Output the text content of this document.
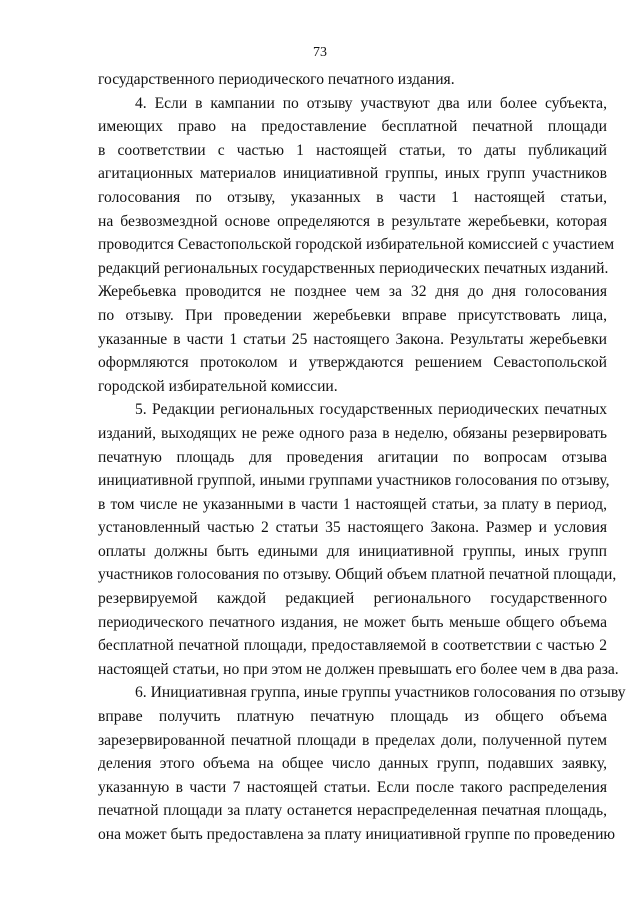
73
государственного периодического печатного издания.
4. Если в кампании по отзыву участвуют два или более субъекта,
имеющих право на предоставление бесплатной печатной площади
в соответствии с частью 1 настоящей статьи, то даты публикаций
агитационных материалов инициативной группы, иных групп участников
голосования по отзыву, указанных в части 1 настоящей статьи,
на безвозмездной основе определяются в результате жеребьевки, которая
проводится Севастопольской городской избирательной комиссией с участием
редакций региональных государственных периодических печатных изданий.
Жеребьевка проводится не позднее чем за 32 дня до дня голосования
по отзыву. При проведении жеребьевки вправе присутствовать лица,
указанные в части 1 статьи 25 настоящего Закона. Результаты жеребьевки
оформляются протоколом и утверждаются решением Севастопольской
городской избирательной комиссии.
5. Редакции региональных государственных периодических печатных
изданий, выходящих не реже одного раза в неделю, обязаны резервировать
печатную площадь для проведения агитации по вопросам отзыва
инициативной группой, иными группами участников голосования по отзыву,
в том числе не указанными в части 1 настоящей статьи, за плату в период,
установленный частью 2 статьи 35 настоящего Закона. Размер и условия
оплаты должны быть едиными для инициативной группы, иных групп
участников голосования по отзыву. Общий объем платной печатной площади,
резервируемой каждой редакцией регионального государственного
периодического печатного издания, не может быть меньше общего объема
бесплатной печатной площади, предоставляемой в соответствии с частью 2
настоящей статьи, но при этом не должен превышать его более чем в два раза.
6. Инициативная группа, иные группы участников голосования по отзыву
вправе получить платную печатную площадь из общего объема
зарезервированной печатной площади в пределах доли, полученной путем
деления этого объема на общее число данных групп, подавших заявку,
указанную в части 7 настоящей статьи. Если после такого распределения
печатной площади за плату останется нераспределенная печатная площадь,
она может быть предоставлена за плату инициативной группе по проведению
